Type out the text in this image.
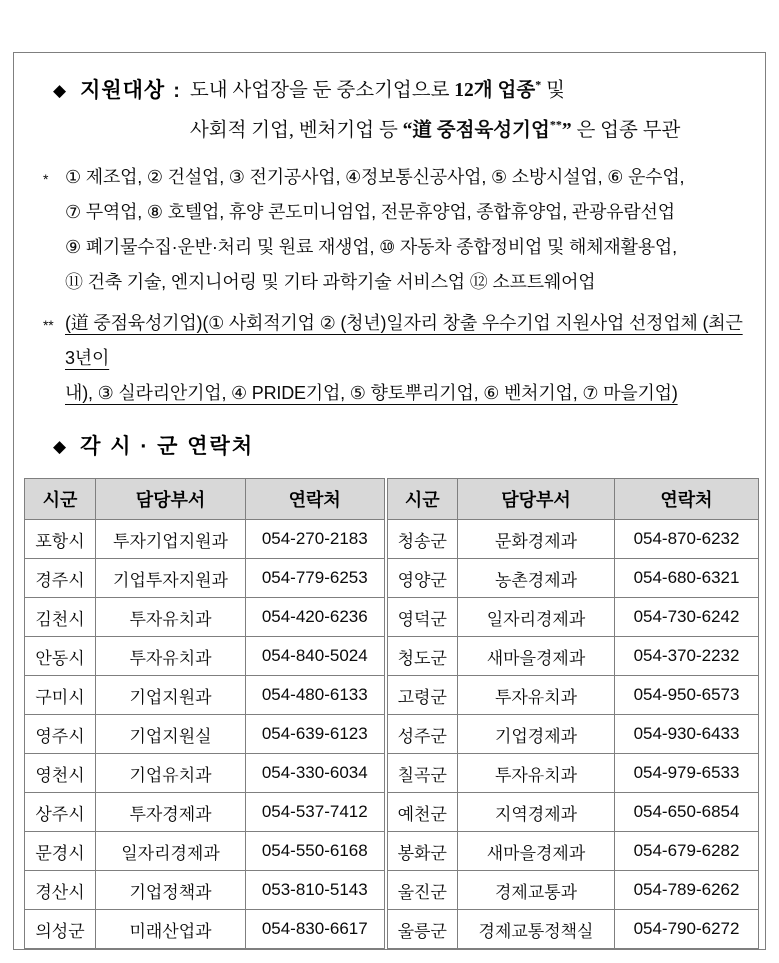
◆ 지원대상 : 도내 사업장을 둔 중소기업으로 12개 업종* 및
사회적 기업, 벤처기업 등 “道 중점육성기업**” 은 업종 무관
* ① 제조업, ② 건설업, ③ 전기공사업, ④정보통신공사업, ⑤ 소방시설업, ⑥ 운수업,
⑦ 무역업, ⑧ 호텔업, 휴양 콘도미니엄업, 전문휴양업, 종합휴양업, 관광유람선업
⑨ 폐기물수집·운반·처리 및 원료 재생업, ⑩ 자동차 종합정비업 및 해체재활용업,
⑪ 건축 기술, 엔지니어링 및 기타 과학기술 서비스업 ⑫ 소프트웨어업
** (道 중점육성기업)(① 사회적기업 ② (청년)일자리 창출 우수기업 지원사업 선정업체 (최근 3년이
내), ③ 실라리안기업, ④ PRIDE기업, ⑤ 향토뿌리기업, ⑥ 벤처기업, ⑦ 마을기업)
◆ 각 시 · 군 연락처
시군	담당부서	연락처	시군	담당부서	연락처
포항시	투자기업지원과	054-270-2183	청송군	문화경제과	054-870-6232
경주시	기업투자지원과	054-779-6253	영양군	농촌경제과	054-680-6321
김천시	투자유치과	054-420-6236	영덕군	일자리경제과	054-730-6242
안동시	투자유치과	054-840-5024	청도군	새마을경제과	054-370-2232
구미시	기업지원과	054-480-6133	고령군	투자유치과	054-950-6573
영주시	기업지원실	054-639-6123	성주군	기업경제과	054-930-6433
영천시	기업유치과	054-330-6034	칠곡군	투자유치과	054-979-6533
상주시	투자경제과	054-537-7412	예천군	지역경제과	054-650-6854
문경시	일자리경제과	054-550-6168	봉화군	새마을경제과	054-679-6282
경산시	기업정책과	053-810-5143	울진군	경제교통과	054-789-6262
의성군	미래산업과	054-830-6617	울릉군	경제교통정책실	054-790-6272
